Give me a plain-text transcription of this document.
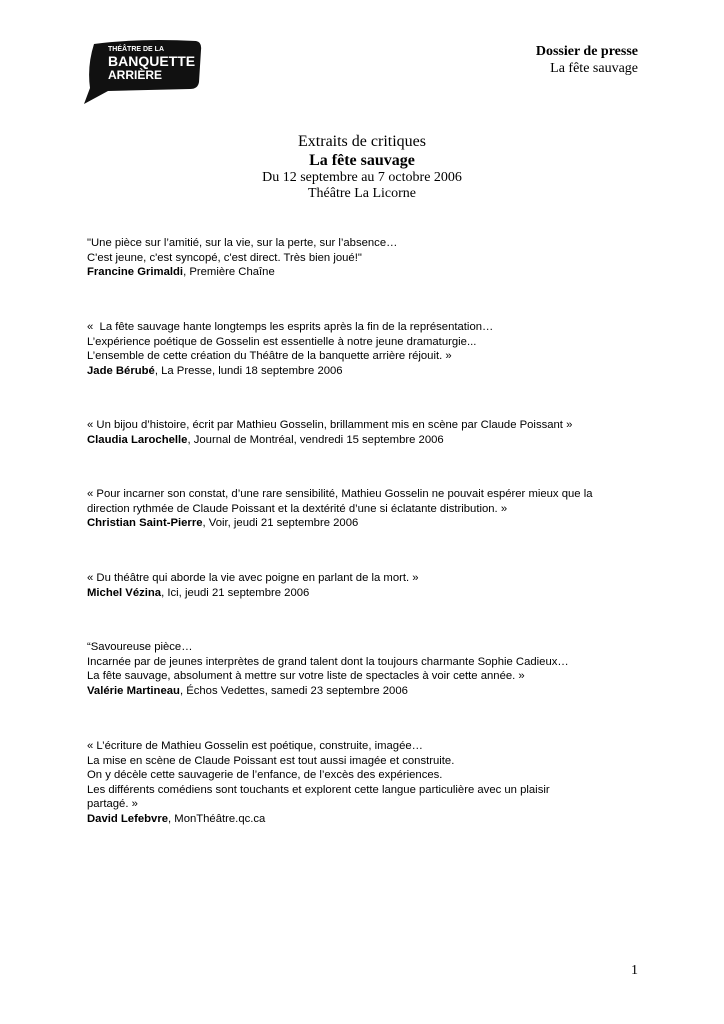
THÉÂTRE DE LA
BANQUETTE
ARRIÈRE
Dossier de presse
La fête sauvage
Extraits de critiques
La fête sauvage
Du 12 septembre au 7 octobre 2006
Théâtre La Licorne
"Une pièce sur l’amitié, sur la vie, sur la perte, sur l’absence…
C'est jeune, c'est syncopé, c'est direct. Très bien joué!"
Francine Grimaldi, Première Chaîne
«  La fête sauvage hante longtemps les esprits après la fin de la représentation…
L’expérience poétique de Gosselin est essentielle à notre jeune dramaturgie...
L’ensemble de cette création du Théâtre de la banquette arrière réjouit. »
Jade Bérubé, La Presse, lundi 18 septembre 2006
« Un bijou d’histoire, écrit par Mathieu Gosselin, brillamment mis en scène par Claude Poissant »
Claudia Larochelle, Journal de Montréal, vendredi 15 septembre 2006
« Pour incarner son constat, d’une rare sensibilité, Mathieu Gosselin ne pouvait espérer mieux que la
direction rythmée de Claude Poissant et la dextérité d’une si éclatante distribution. »
Christian Saint-Pierre, Voir, jeudi 21 septembre 2006
« Du théâtre qui aborde la vie avec poigne en parlant de la mort. »
Michel Vézina, Ici, jeudi 21 septembre 2006
“Savoureuse pièce…
Incarnée par de jeunes interprètes de grand talent dont la toujours charmante Sophie Cadieux…
La fête sauvage, absolument à mettre sur votre liste de spectacles à voir cette année. »
Valérie Martineau, Échos Vedettes, samedi 23 septembre 2006
« L’écriture de Mathieu Gosselin est poétique, construite, imagée…
La mise en scène de Claude Poissant est tout aussi imagée et construite.
On y décèle cette sauvagerie de l’enfance, de l’excès des expériences.
Les différents comédiens sont touchants et explorent cette langue particulière avec un plaisir
partagé. »
David Lefebvre, MonThéâtre.qc.ca
1
